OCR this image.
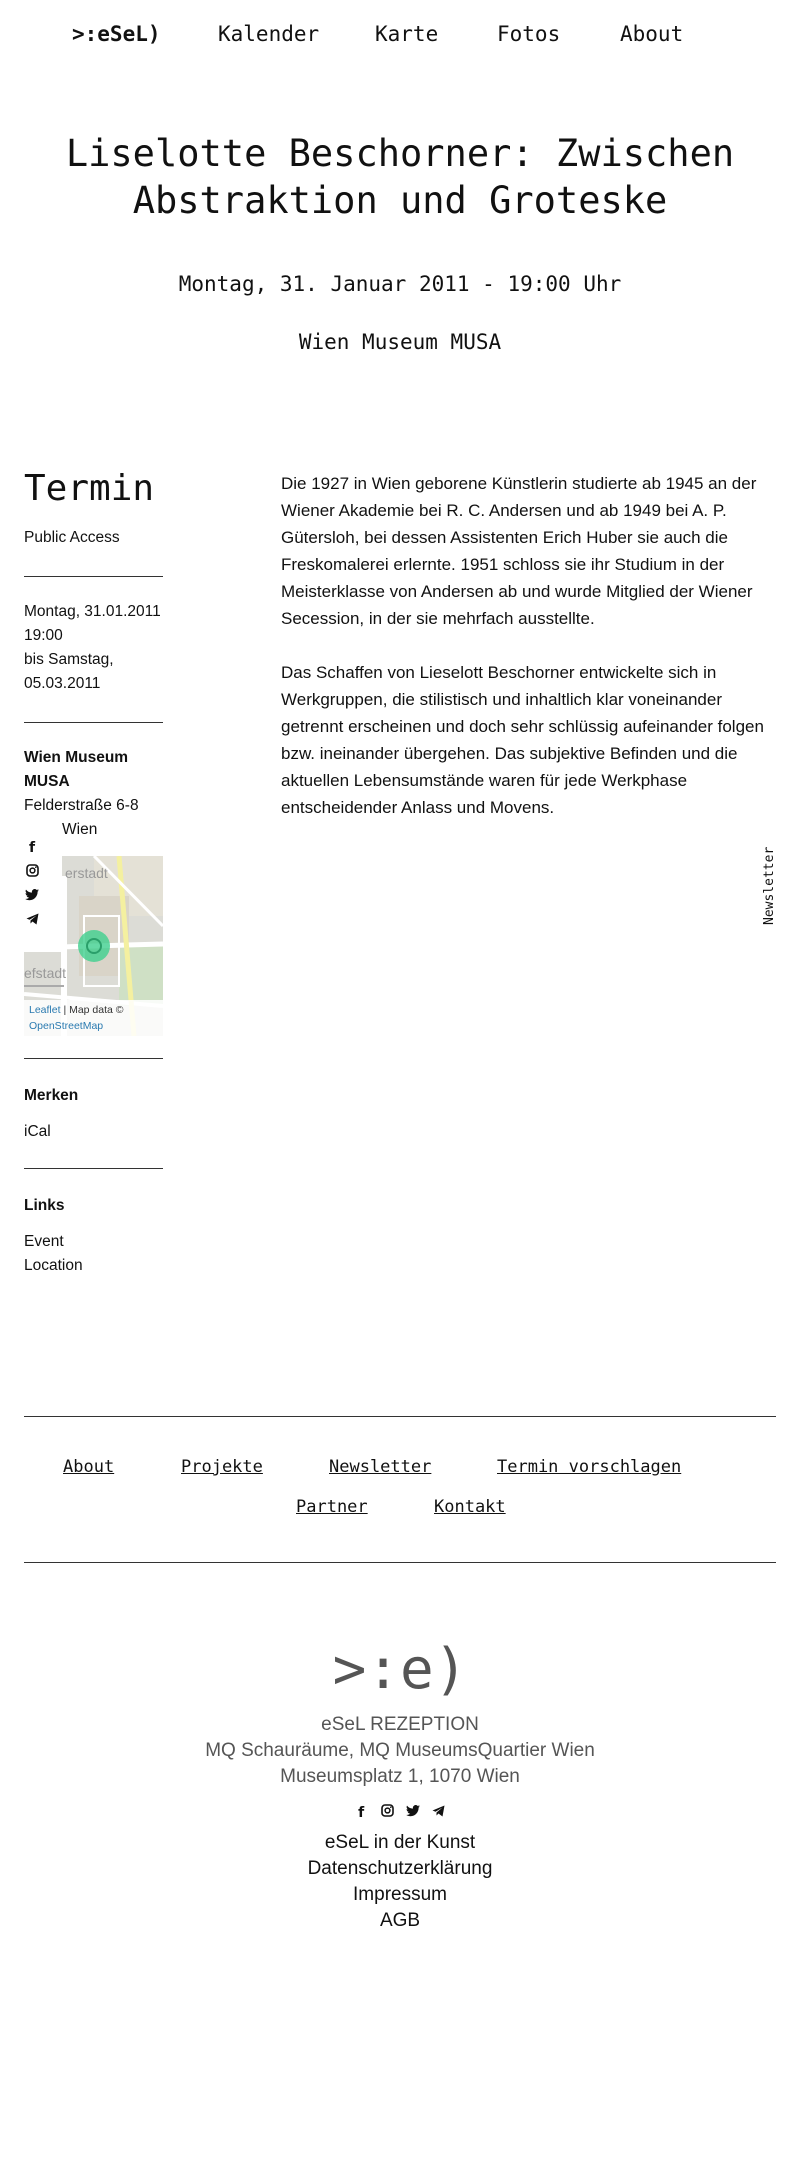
>:eSeL)	Kalender	Karte	Fotos	About
Liselotte Beschorner: Zwischen Abstraktion und Groteske
Montag, 31. Januar 2011 - 19:00 Uhr
Wien Museum MUSA
Termin
Public Access
Montag, 31.01.2011
19:00
bis Samstag,
05.03.2011
Wien Museum
MUSA
Felderstraße 6-8
Wien
erstadt
efstadt
Leaflet | Map data ©
OpenStreetMap
f
Merken
iCal
Links
Event
Location

Die 1927 in Wien geborene Künstlerin studierte ab 1945 an der Wiener Akademie bei R. C. Andersen und ab 1949 bei A. P. Gütersloh, bei dessen Assistenten Erich Huber sie auch die Freskomalerei erlernte. 1951 schloss sie ihr Studium in der Meisterklasse von Andersen ab und wurde Mitglied der Wiener Secession, in der sie mehrfach ausstellte.

Das Schaffen von Lieselott Beschorner entwickelte sich in Werkgruppen, die stilistisch und inhaltlich klar voneinander getrennt erscheinen und doch sehr schlüssig aufeinander folgen bzw. ineinander übergehen. Das subjektive Befinden und die aktuellen Lebensumstände waren für jede Werkphase entscheidender Anlass und Movens.

Newsletter
About	Projekte	Newsletter	Termin vorschlagen
Partner	Kontakt
>:e)
eSeL REZEPTION
MQ Schauräume, MQ MuseumsQuartier Wien
Museumsplatz 1, 1070 Wien
f
eSeL in der Kunst
Datenschutzerklärung
Impressum
AGB
